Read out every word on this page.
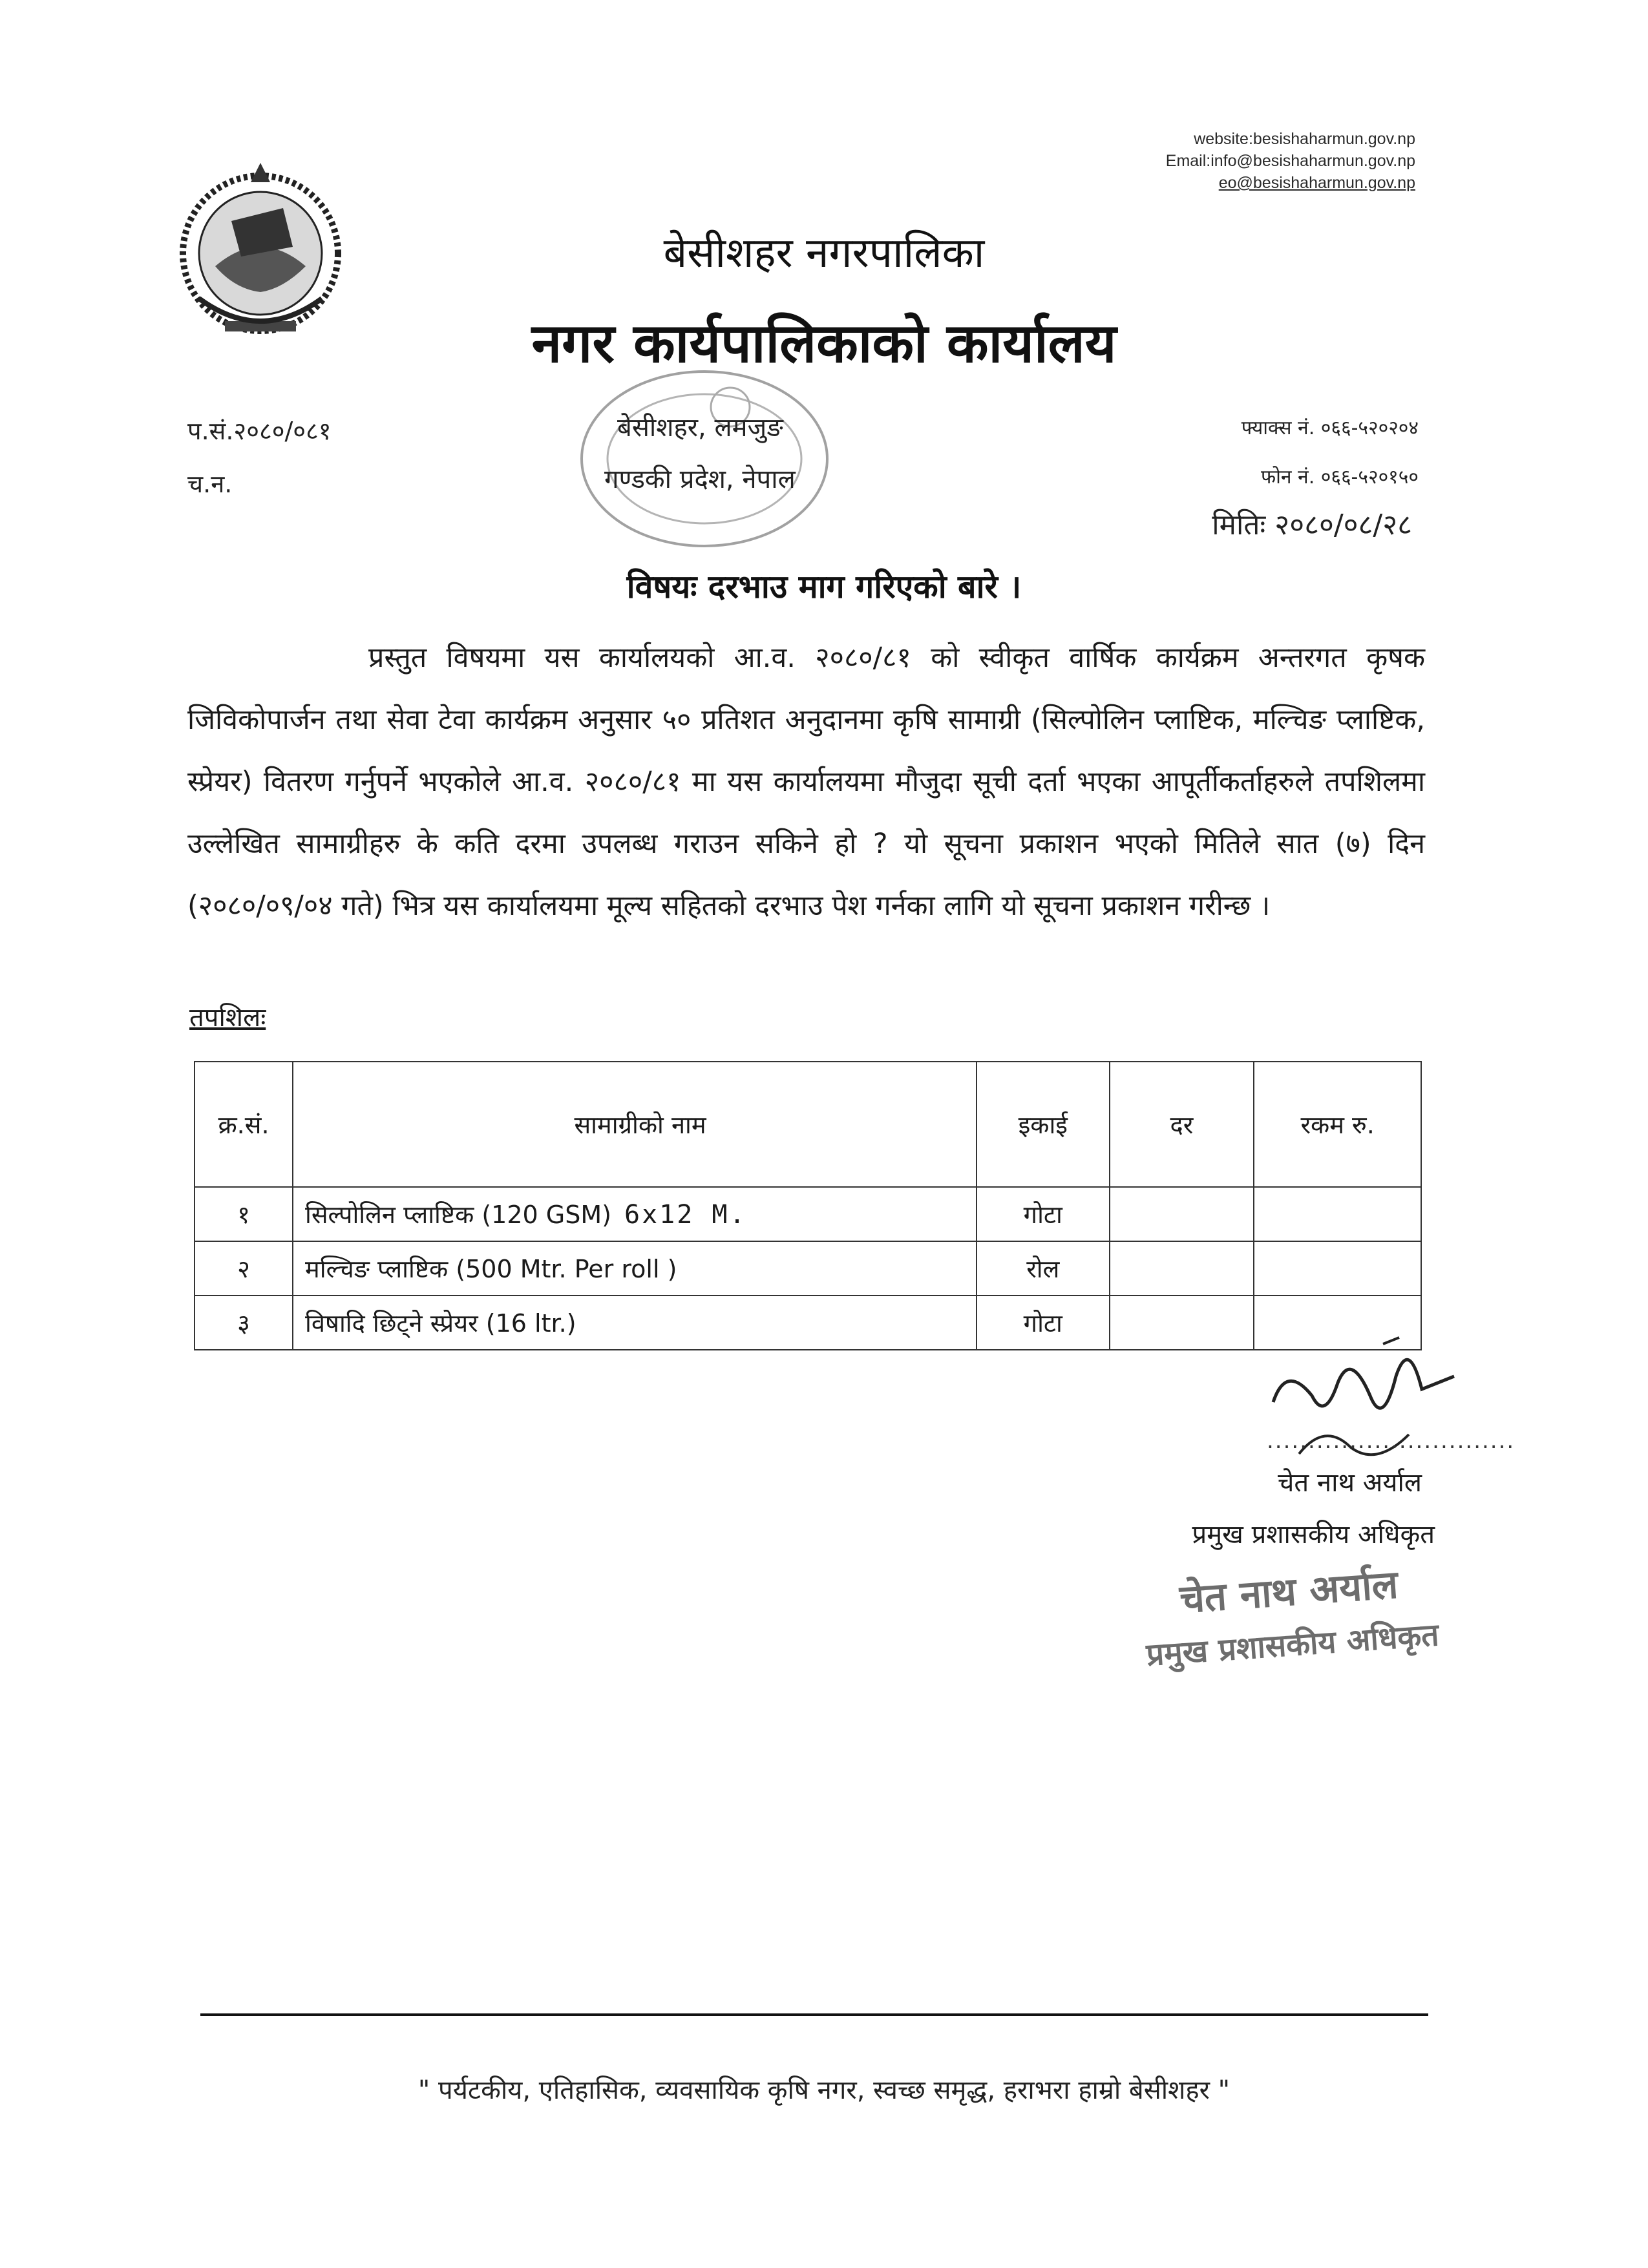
website:besishaharmun.gov.np
Email:info@besishaharmun.gov.np
eo@besishaharmun.gov.np
बेसीशहर नगरपालिका
नगर कार्यपालिकाको कार्यालय
प.सं.२०८०/०८१
च.न.
बेसीशहर, लमजुङ
गण्डकी प्रदेश, नेपाल
फ्याक्स नं. ०६६-५२०२०४
फोन नं. ०६६-५२०१५०
मितिः २०८०/०८/२८
विषयः दरभाउ माग गरिएको बारे ।
प्रस्तुत विषयमा यस कार्यालयको आ.व. २०८०/८१ को स्वीकृत वार्षिक कार्यक्रम अन्तरगत कृषक जिविकोपार्जन तथा सेवा टेवा कार्यक्रम अनुसार ५० प्रतिशत अनुदानमा कृषि सामाग्री (सिल्पोलिन प्लाष्टिक, मल्चिङ प्लाष्टिक, स्प्रेयर) वितरण गर्नुपर्ने भएकोले आ.व. २०८०/८१ मा यस कार्यालयमा मौजुदा सूची दर्ता भएका आपूर्तीकर्ताहरुले तपशिलमा उल्लेखित सामाग्रीहरु के कति दरमा उपलब्ध गराउन सकिने हो ? यो सूचना प्रकाशन भएको मितिले सात (७) दिन (२०८०/०९/०४ गते) भित्र यस कार्यालयमा मूल्य सहितको दरभाउ पेश गर्नका लागि यो सूचना प्रकाशन गरीन्छ ।
तपशिलः
क्र.सं.	सामाग्रीको नाम	इकाई	दर	रकम रु.
१	सिल्पोलिन प्लाष्टिक (120 GSM) 6x12 M.	गोटा		
२	मल्चिङ प्लाष्टिक (500 Mtr. Per roll )	रोल		
३	विषादि छिट्ने स्प्रेयर (16 ltr.)	गोटा		
..............................
चेत नाथ अर्याल
प्रमुख प्रशासकीय अधिकृत
चेत नाथ अर्याल
प्रमुख प्रशासकीय अधिकृत
" पर्यटकीय, एतिहासिक, व्यवसायिक कृषि नगर, स्वच्छ समृद्ध, हराभरा हाम्रो बेसीशहर "
